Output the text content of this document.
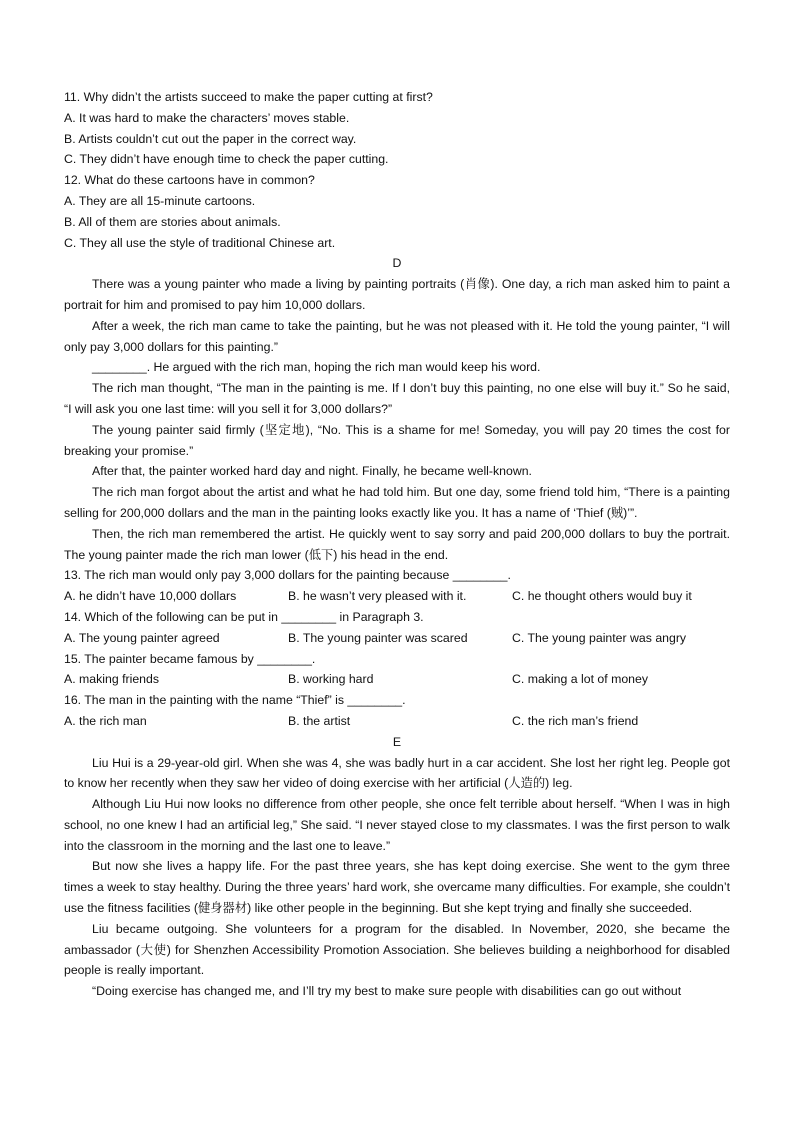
11. Why didn’t the artists succeed to make the paper cutting at first?
A. It was hard to make the characters’ moves stable.
B. Artists couldn’t cut out the paper in the correct way.
C. They didn’t have enough time to check the paper cutting.
12. What do these cartoons have in common?
A. They are all 15-minute cartoons.
B. All of them are stories about animals.
C. They all use the style of traditional Chinese art.
D
There was a young painter who made a living by painting portraits (肖像). One day, a rich man asked him to paint a portrait for him and promised to pay him 10,000 dollars.
After a week, the rich man came to take the painting, but he was not pleased with it. He told the young painter, “I will only pay 3,000 dollars for this painting.”
________. He argued with the rich man, hoping the rich man would keep his word.
The rich man thought, “The man in the painting is me. If I don’t buy this painting, no one else will buy it.” So he said, “I will ask you one last time: will you sell it for 3,000 dollars?”
The young painter said firmly (坚定地), “No. This is a shame for me! Someday, you will pay 20 times the cost for breaking your promise.”
After that, the painter worked hard day and night. Finally, he became well-known.
The rich man forgot about the artist and what he had told him. But one day, some friend told him, “There is a painting selling for 200,000 dollars and the man in the painting looks exactly like you. It has a name of ‘Thief (贼)’”.
Then, the rich man remembered the artist. He quickly went to say sorry and paid 200,000 dollars to buy the portrait. The young painter made the rich man lower (低下) his head in the end.
13. The rich man would only pay 3,000 dollars for the painting because ________.
A. he didn’t have 10,000 dollars	B. he wasn’t very pleased with it.	C. he thought others would buy it
14. Which of the following can be put in ________ in Paragraph 3.
A. The young painter agreed	B. The young painter was scared	C. The young painter was angry
15. The painter became famous by ________.
A. making friends	B. working hard	C. making a lot of money
16. The man in the painting with the name “Thief” is ________.
A. the rich man	B. the artist	C. the rich man’s friend
E
Liu Hui is a 29-year-old girl. When she was 4, she was badly hurt in a car accident. She lost her right leg. People got to know her recently when they saw her video of doing exercise with her artificial (人造的) leg.
Although Liu Hui now looks no difference from other people, she once felt terrible about herself. “When I was in high school, no one knew I had an artificial leg,” She said. “I never stayed close to my classmates. I was the first person to walk into the classroom in the morning and the last one to leave.”
But now she lives a happy life. For the past three years, she has kept doing exercise. She went to the gym three times a week to stay healthy. During the three years’ hard work, she overcame many difficulties. For example, she couldn’t use the fitness facilities (健身器材) like other people in the beginning. But she kept trying and finally she succeeded.
Liu became outgoing. She volunteers for a program for the disabled. In November, 2020, she became the ambassador (大使) for Shenzhen Accessibility Promotion Association. She believes building a neighborhood for disabled people is really important.
“Doing exercise has changed me, and I’ll try my best to make sure people with disabilities can go out without
